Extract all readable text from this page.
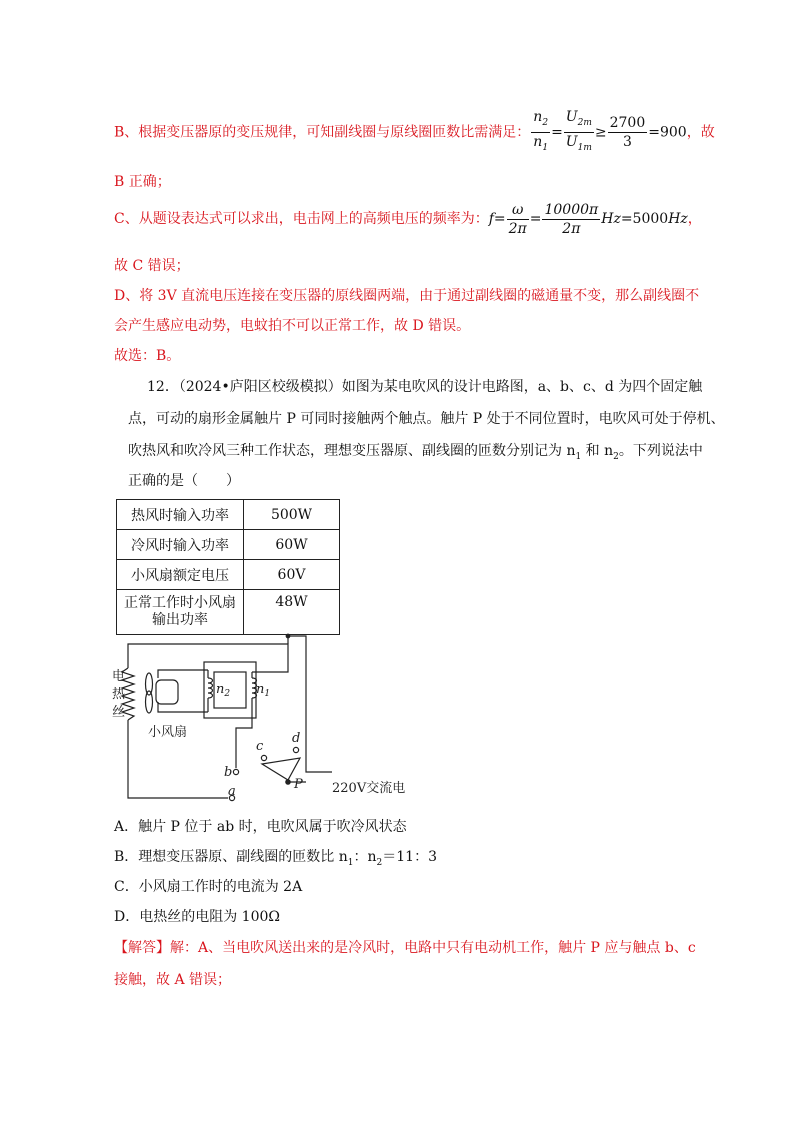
B、根据变压器原的变压规律，可知副线圈与原线圈匝数比需满足： $\frac{n_2}{n_1} = \frac{U_{2m}}{U_{1m}} \ge \frac{2700}{3} =900$，故
B 正确；
C、从题设表达式可以求出，电击网上的高频电压的频率为：$f= \frac{\omega}{2\pi} = \frac{10000\pi}{2\pi} Hz=5000Hz$，
故 C 错误；
D、将 3V 直流电压连接在变压器的原线圈两端，由于通过副线圈的磁通量不变，那么副线圈不
会产生感应电动势，电蚊拍不可以正常工作，故 D 错误。
故选：B。
12．（2024•庐阳区校级模拟）如图为某电吹风的设计电路图，a、b、c、d 为四个固定触
点，可动的扇形金属触片 P 可同时接触两个触点。触片 P 处于不同位置时，电吹风可处于停机、
吹热风和吹冷风三种工作状态，理想变压器原、副线圈的匝数分别记为 $n_1$ 和 $n_2$。下列说法中
正确的是（　　）
热风时输入功率	500W
冷风时输入功率	60W
小风扇额定电压	60V

正常工作时小风扇
输出功率	48W
电
热
丝
小风扇
$n_2$ $n_1$
b
a
c
d
P 220V交流电
A．触片 P 位于 ab 时，电吹风属于吹冷风状态
B．理想变压器原、副线圈的匝数比 $n_1$：$n_2=11$：3
C．小风扇工作时的电流为 2A
D．电热丝的电阻为 100Ω
【解答】解：A、当电吹风送出来的是冷风时，电路中只有电动机工作，触片 P 应与触点 b、c
接触，故 A 错误；
